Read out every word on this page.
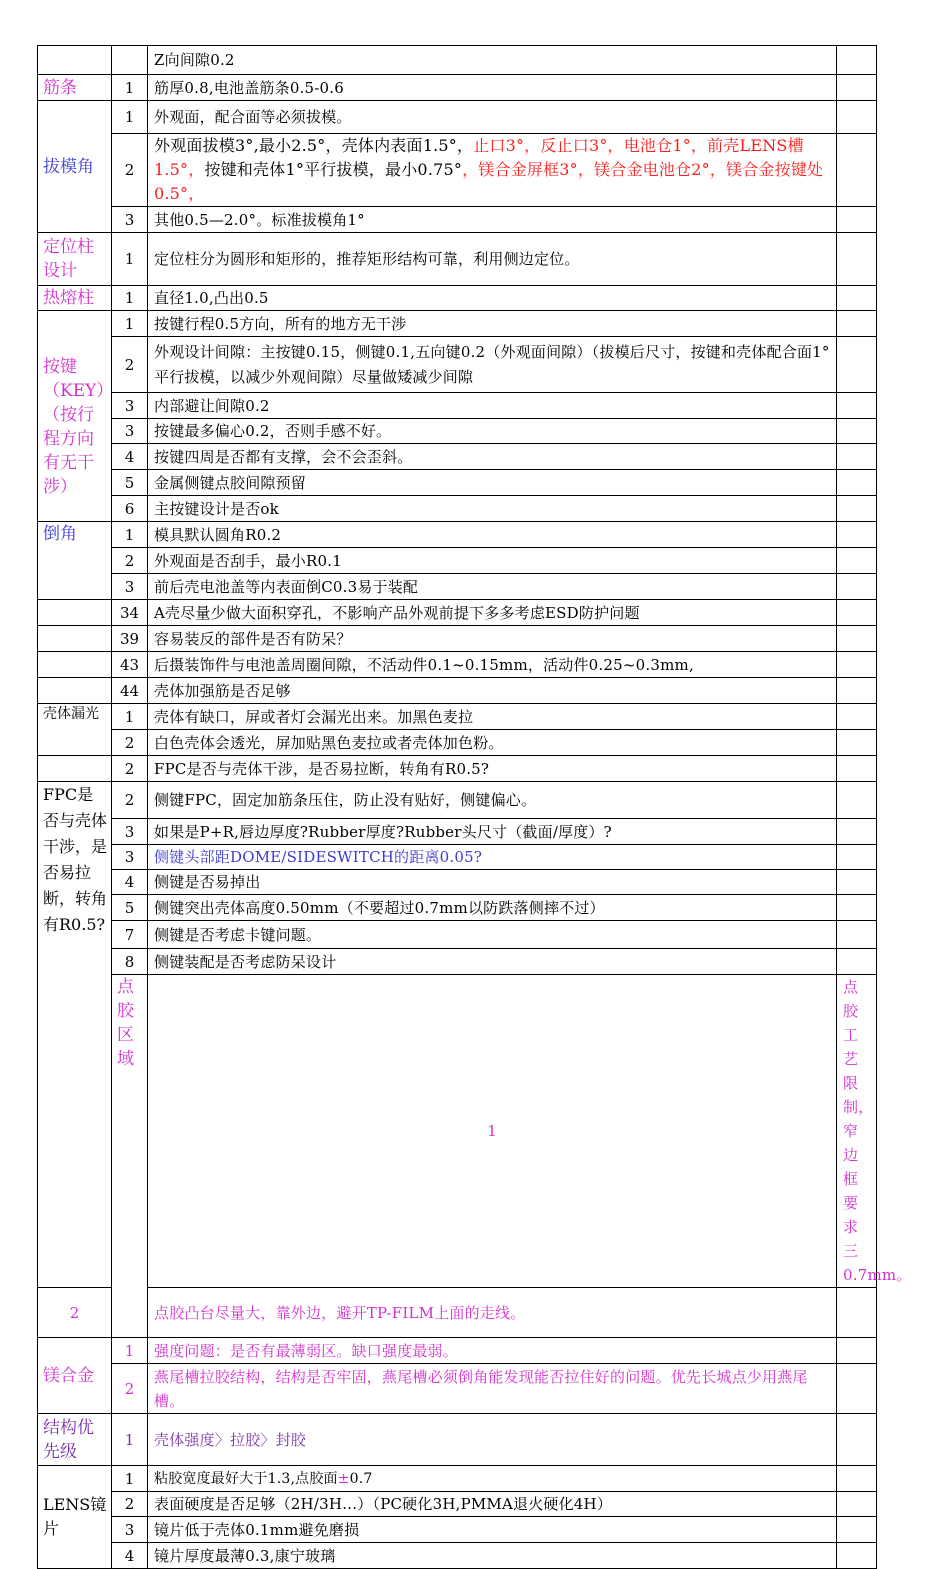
		Z向间隙0.2		
筋条	1	筋厚0.8,电池盖筋条0.5-0.6		
拔模角	1	外观面，配合面等必须拔模。		
	2	外观面拔模3°,最小2.5°，壳体内表面1.5°，止口3°，反止口3°，电池仓1°，前壳LENS槽1.5°，按键和壳体1°平行拔模，最小0.75°，镁合金屏框3°，镁合金电池仓2°，镁合金按键处0.5°，		
	3	其他0.5—2.0°。标准拔模角1°		
定位柱设计	1	定位柱分为圆形和矩形的，推荐矩形结构可靠，利用侧边定位。		
热熔柱	1	直径1.0,凸出0.5		

按键（KEY）（按行程方向有无干涉）	1	按键行程0.5方向，所有的地方无干涉		
	2	外观设计间隙：主按键0.15，侧键0.1,五向键0.2（外观面间隙）（拔模后尺寸，按键和壳体配合面1°平行拔模，以减少外观间隙）尽量做矮减少间隙		
	3	内部避让间隙0.2		
	3	按键最多偏心0.2，否则手感不好。		
	4	按键四周是否都有支撑，会不会歪斜。		
	5	金属侧键点胶间隙预留		
	6	主按键设计是否ok		
倒角	1	模具默认圆角R0.2		
	2	外观面是否刮手，最小R0.1		
	3	前后壳电池盖等内表面倒C0.3易于装配		
	34	A壳尽量少做大面积穿孔，不影响产品外观前提下多多考虑ESD防护问题		
	39	容易装反的部件是否有防呆？		
	43	后摄装饰件与电池盖周圈间隙，不活动件0.1~0.15mm，活动件0.25~0.3mm,		
	44	壳体加强筋是否足够		
壳体漏光	1	壳体有缺口，屏或者灯会漏光出来。加黑色麦拉		
	2	白色壳体会透光，屏加贴黑色麦拉或者壳体加色粉。		
	2	FPC是否与壳体干涉，是否易拉断，转角有R0.5?		

FPC是否与壳体干涉，是否易拉断，转角有R0.5?	2	侧键FPC，固定加筋条压住，防止没有贴好，侧键偏心。		
	3	如果是P+R,唇边厚度?Rubber厚度?Rubber头尺寸（截面/厚度）?		
	3	侧键头部距DOME/SIDESWITCH的距离0.05?		
	4	侧键是否易掉出		
	5	侧键突出壳体高度0.50mm（不要超过0.7mm以防跌落侧摔不过）		
	7	侧键是否考虑卡键问题。		
	8	侧键装配是否考虑防呆设计		
	点胶区域	1	点胶工艺限制，窄边框要求三0.7mm。	
2		点胶凸台尽量大，靠外边，避开TP-FILM上面的走线。		
镁合金	1	强度问题：是否有最薄弱区。缺口强度最弱。		
	2	燕尾槽拉胶结构，结构是否牢固，燕尾槽必须倒角能发现能否拉住好的问题。优先长城点少用燕尾槽。		
结构优先级	1	壳体强度〉拉胶〉封胶		
LENS镜片	1	粘胶宽度最好大于1.3,点胶面±0.7		
	2	表面硬度是否足够（2H/3H…）（PC硬化3H,PMMA退火硬化4H）		
	3	镜片低于壳体0.1mm避免磨损		
	4	镜片厚度最薄0.3,康宁玻璃		
